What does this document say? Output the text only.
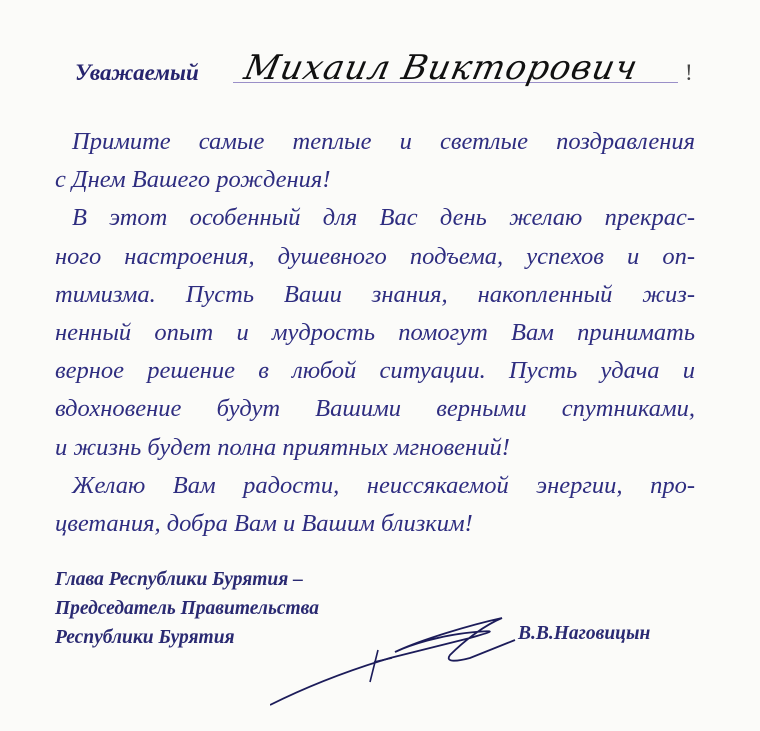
Уважаемый Михаил Викторович !
Примите самые теплые и светлые поздравления
с Днем Вашего рождения!
В этот особенный для Вас день желаю прекрас-
ного настроения, душевного подъема, успехов и оп-
тимизма. Пусть Ваши знания, накопленный жиз-
ненный опыт и мудрость помогут Вам принимать
верное решение в любой ситуации. Пусть удача и
вдохновение будут Вашими верными спутниками,
и жизнь будет полна приятных мгновений!
Желаю Вам радости, неиссякаемой энергии, про-
цветания, добра Вам и Вашим близким!
Глава Республики Бурятия –
Председатель Правительства
Республики Бурятия	В.В.Наговицын
